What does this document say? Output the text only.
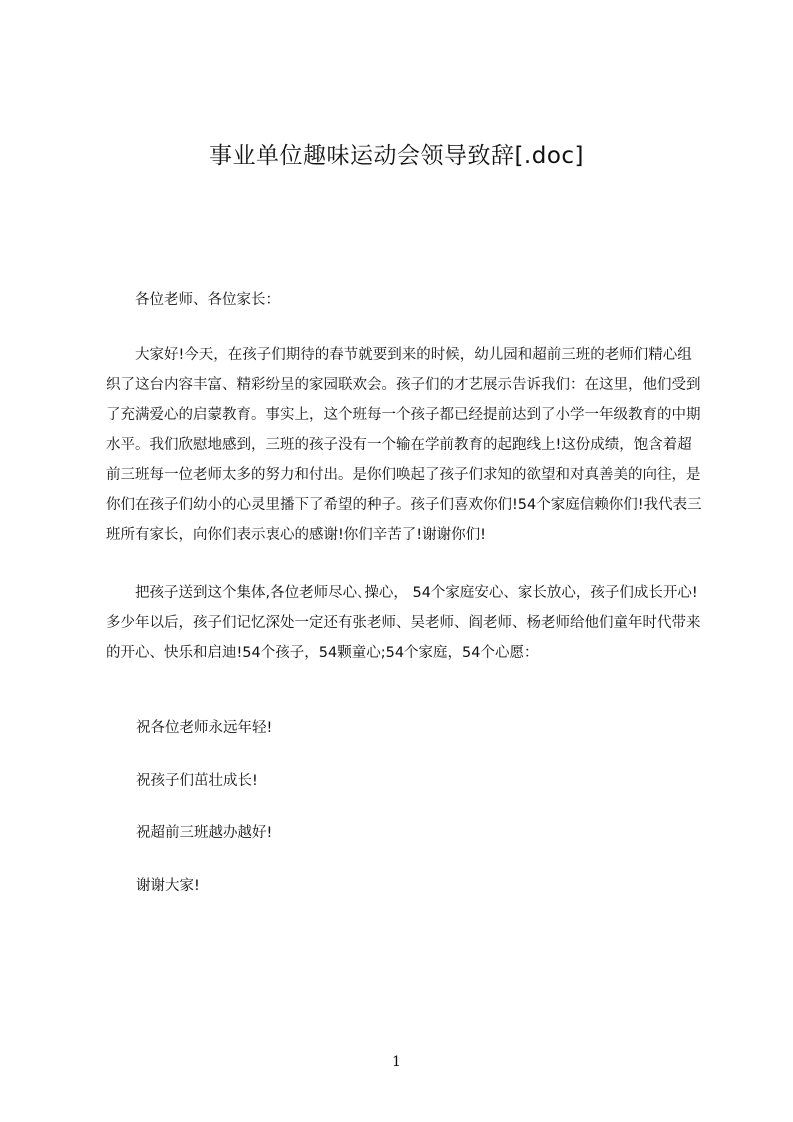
事业单位趣味运动会领导致辞[.doc]
各位老师、各位家长：
大家好!今天，在孩子们期待的春节就要到来的时候，幼儿园和超前三班的老师们精心组织了这台内容丰富、精彩纷呈的家园联欢会。孩子们的才艺展示告诉我们：在这里，他们受到了充满爱心的启蒙教育。事实上，这个班每一个孩子都已经提前达到了小学一年级教育的中期水平。我们欣慰地感到，三班的孩子没有一个输在学前教育的起跑线上!这份成绩，饱含着超前三班每一位老师太多的努力和付出。是你们唤起了孩子们求知的欲望和对真善美的向往，是你们在孩子们幼小的心灵里播下了希望的种子。孩子们喜欢你们!54个家庭信赖你们!我代表三班所有家长，向你们表示衷心的感谢!你们辛苦了!谢谢你们!
把孩子送到这个集体,各位老师尽心､操心， 54个家庭安心、家长放心，孩子们成长开心!多少年以后，孩子们记忆深处一定还有张老师、吴老师、阎老师、杨老师给他们童年时代带来的开心、快乐和启迪!54个孩子，54颗童心;54个家庭，54个心愿：
祝各位老师永远年轻!
祝孩子们茁壮成长!
祝超前三班越办越好!
谢谢大家!
1
